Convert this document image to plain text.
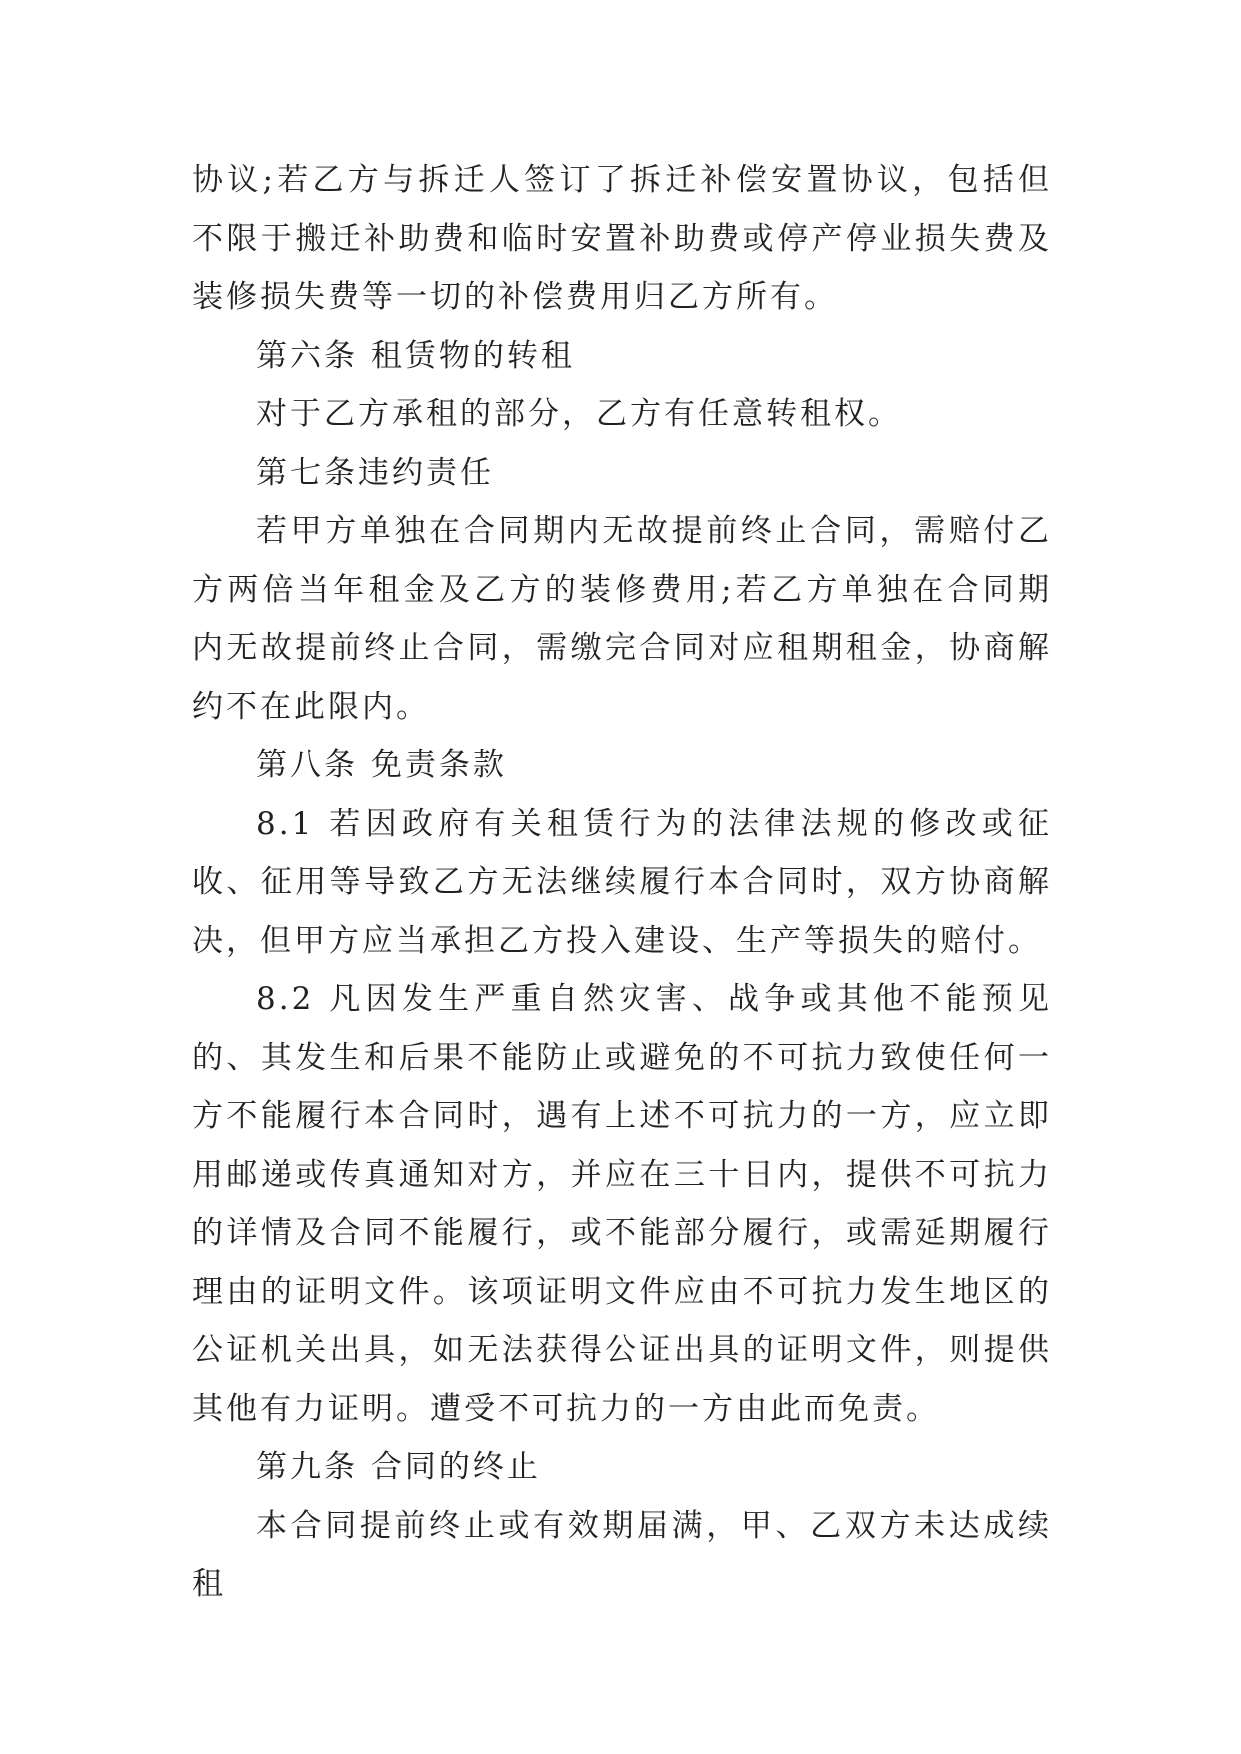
协议;若乙方与拆迁人签订了拆迁补偿安置协议，包括但不限于搬迁补助费和临时安置补助费或停产停业损失费及装修损失费等一切的补偿费用归乙方所有。

第六条 租赁物的转租

对于乙方承租的部分，乙方有任意转租权。

第七条违约责任

若甲方单独在合同期内无故提前终止合同，需赔付乙方两倍当年租金及乙方的装修费用;若乙方单独在合同期内无故提前终止合同，需缴完合同对应租期租金，协商解约不在此限内。

第八条 免责条款

8.1 若因政府有关租赁行为的法律法规的修改或征收、征用等导致乙方无法继续履行本合同时，双方协商解决，但甲方应当承担乙方投入建设、生产等损失的赔付。

8.2 凡因发生严重自然灾害、战争或其他不能预见的、其发生和后果不能防止或避免的不可抗力致使任何一方不能履行本合同时，遇有上述不可抗力的一方，应立即用邮递或传真通知对方，并应在三十日内，提供不可抗力的详情及合同不能履行，或不能部分履行，或需延期履行理由的证明文件。该项证明文件应由不可抗力发生地区的公证机关出具，如无法获得公证出具的证明文件，则提供其他有力证明。遭受不可抗力的一方由此而免责。

第九条 合同的终止

本合同提前终止或有效期届满，甲、乙双方未达成续租
